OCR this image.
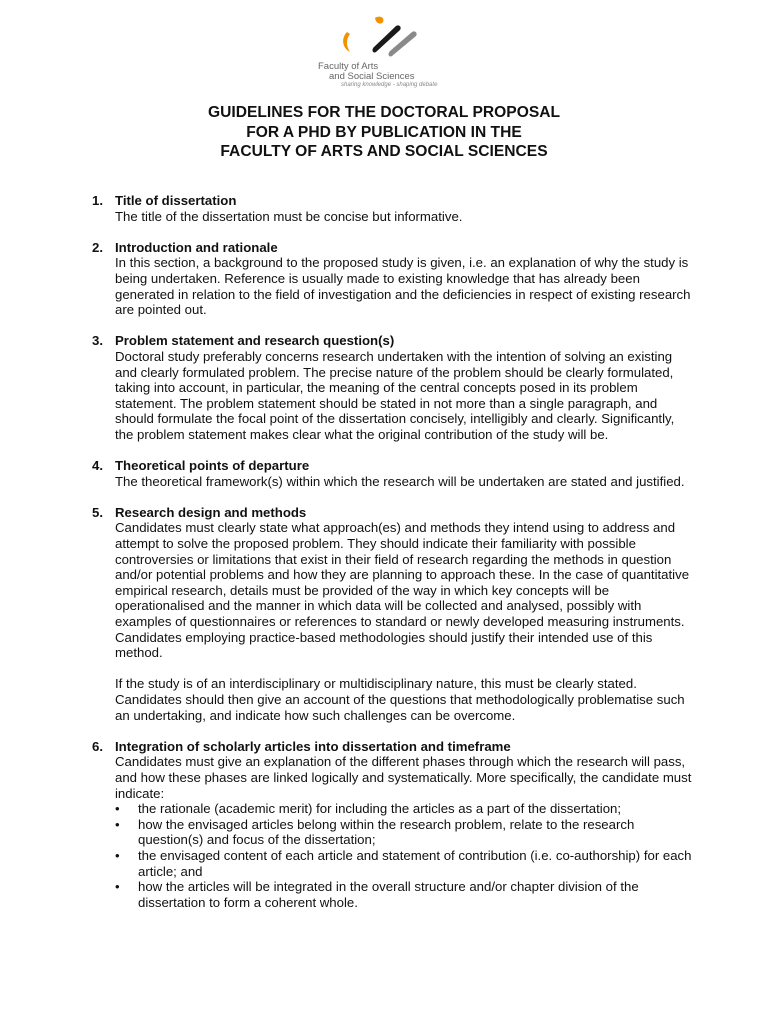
Faculty of Arts
and Social Sciences
sharing knowledge - shaping debate
GUIDELINES FOR THE DOCTORAL PROPOSAL
FOR A PHD BY PUBLICATION IN THE
FACULTY OF ARTS AND SOCIAL SCIENCES
1. Title of dissertation

The title of the dissertation must be concise but informative.

2. Introduction and rationale

In this section, a background to the proposed study is given, i.e. an explanation of why the study is being undertaken. Reference is usually made to existing knowledge that has already been generated in relation to the field of investigation and the deficiencies in respect of existing research are pointed out.

3. Problem statement and research question(s)

Doctoral study preferably concerns research undertaken with the intention of solving an existing and clearly formulated problem. The precise nature of the problem should be clearly formulated, taking into account, in particular, the meaning of the central concepts posed in its problem statement. The problem statement should be stated in not more than a single paragraph, and should formulate the focal point of the dissertation concisely, intelligibly and clearly. Significantly, the problem statement makes clear what the original contribution of the study will be.

4. Theoretical points of departure

The theoretical framework(s) within which the research will be undertaken are stated and justified.

5. Research design and methods

Candidates must clearly state what approach(es) and methods they intend using to address and attempt to solve the proposed problem. They should indicate their familiarity with possible controversies or limitations that exist in their field of research regarding the methods in question and/or potential problems and how they are planning to approach these. In the case of quantitative empirical research, details must be provided of the way in which key concepts will be operationalised and the manner in which data will be collected and analysed, possibly with examples of questionnaires or references to standard or newly developed measuring instruments. Candidates employing practice-based methodologies should justify their intended use of this method.

If the study is of an interdisciplinary or multidisciplinary nature, this must be clearly stated. Candidates should then give an account of the questions that methodologically problematise such an undertaking, and indicate how such challenges can be overcome.

6. Integration of scholarly articles into dissertation and timeframe

Candidates must give an explanation of the different phases through which the research will pass, and how these phases are linked logically and systematically. More specifically, the candidate must indicate:

• the rationale (academic merit) for including the articles as a part of the dissertation;
• how the envisaged articles belong within the research problem, relate to the research question(s) and focus of the dissertation;
• the envisaged content of each article and statement of contribution (i.e. co-authorship) for each article; and
• how the articles will be integrated in the overall structure and/or chapter division of the dissertation to form a coherent whole.
